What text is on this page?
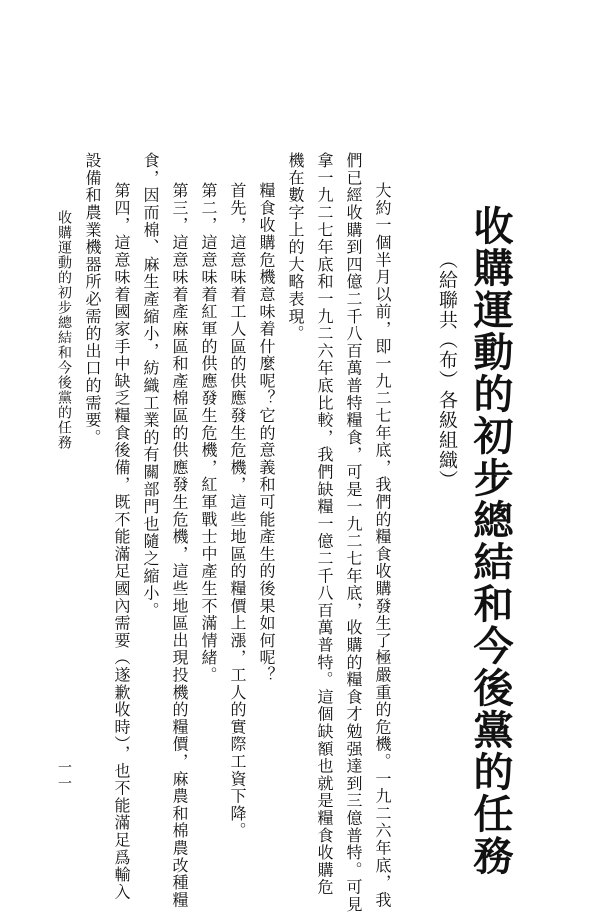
收購運動的初步總結和今後黨的任務
（給聯共（布）各級組織）
大約一個半月以前，即一九二七年底，我們的糧食收購發生了極嚴重的危機。一九二六年底，我
們已經收購到四億二千八百萬普特糧食，可是一九二七年底，收購的糧食才勉强達到三億普特。可見
拿一九二七年底和一九二六年底比較，我們缺糧一億二千八百萬普特。這個缺額也就是糧食收購危
機在數字上的大略表現。
糧食收購危機意味着什麼呢？它的意義和可能產生的後果如何呢？
首先，這意味着工人區的供應發生危機，這些地區的糧價上漲，工人的實際工資下降。
第二，這意味着紅軍的供應發生危機，紅軍戰士中產生不滿情緒。
第三，這意味着產麻區和產棉區的供應發生危機，這些地區出現投機的糧價，麻農和棉農改種糧
食，因而棉、麻生產縮小，紡織工業的有關部門也隨之縮小。
第四，這意味着國家手中缺乏糧食後備，既不能滿足國內需要（遂歉收時），也不能滿足爲輸入
設備和農業機器所必需的出口的需要。
收購運動的初步總結和今後黨的任務
一一
